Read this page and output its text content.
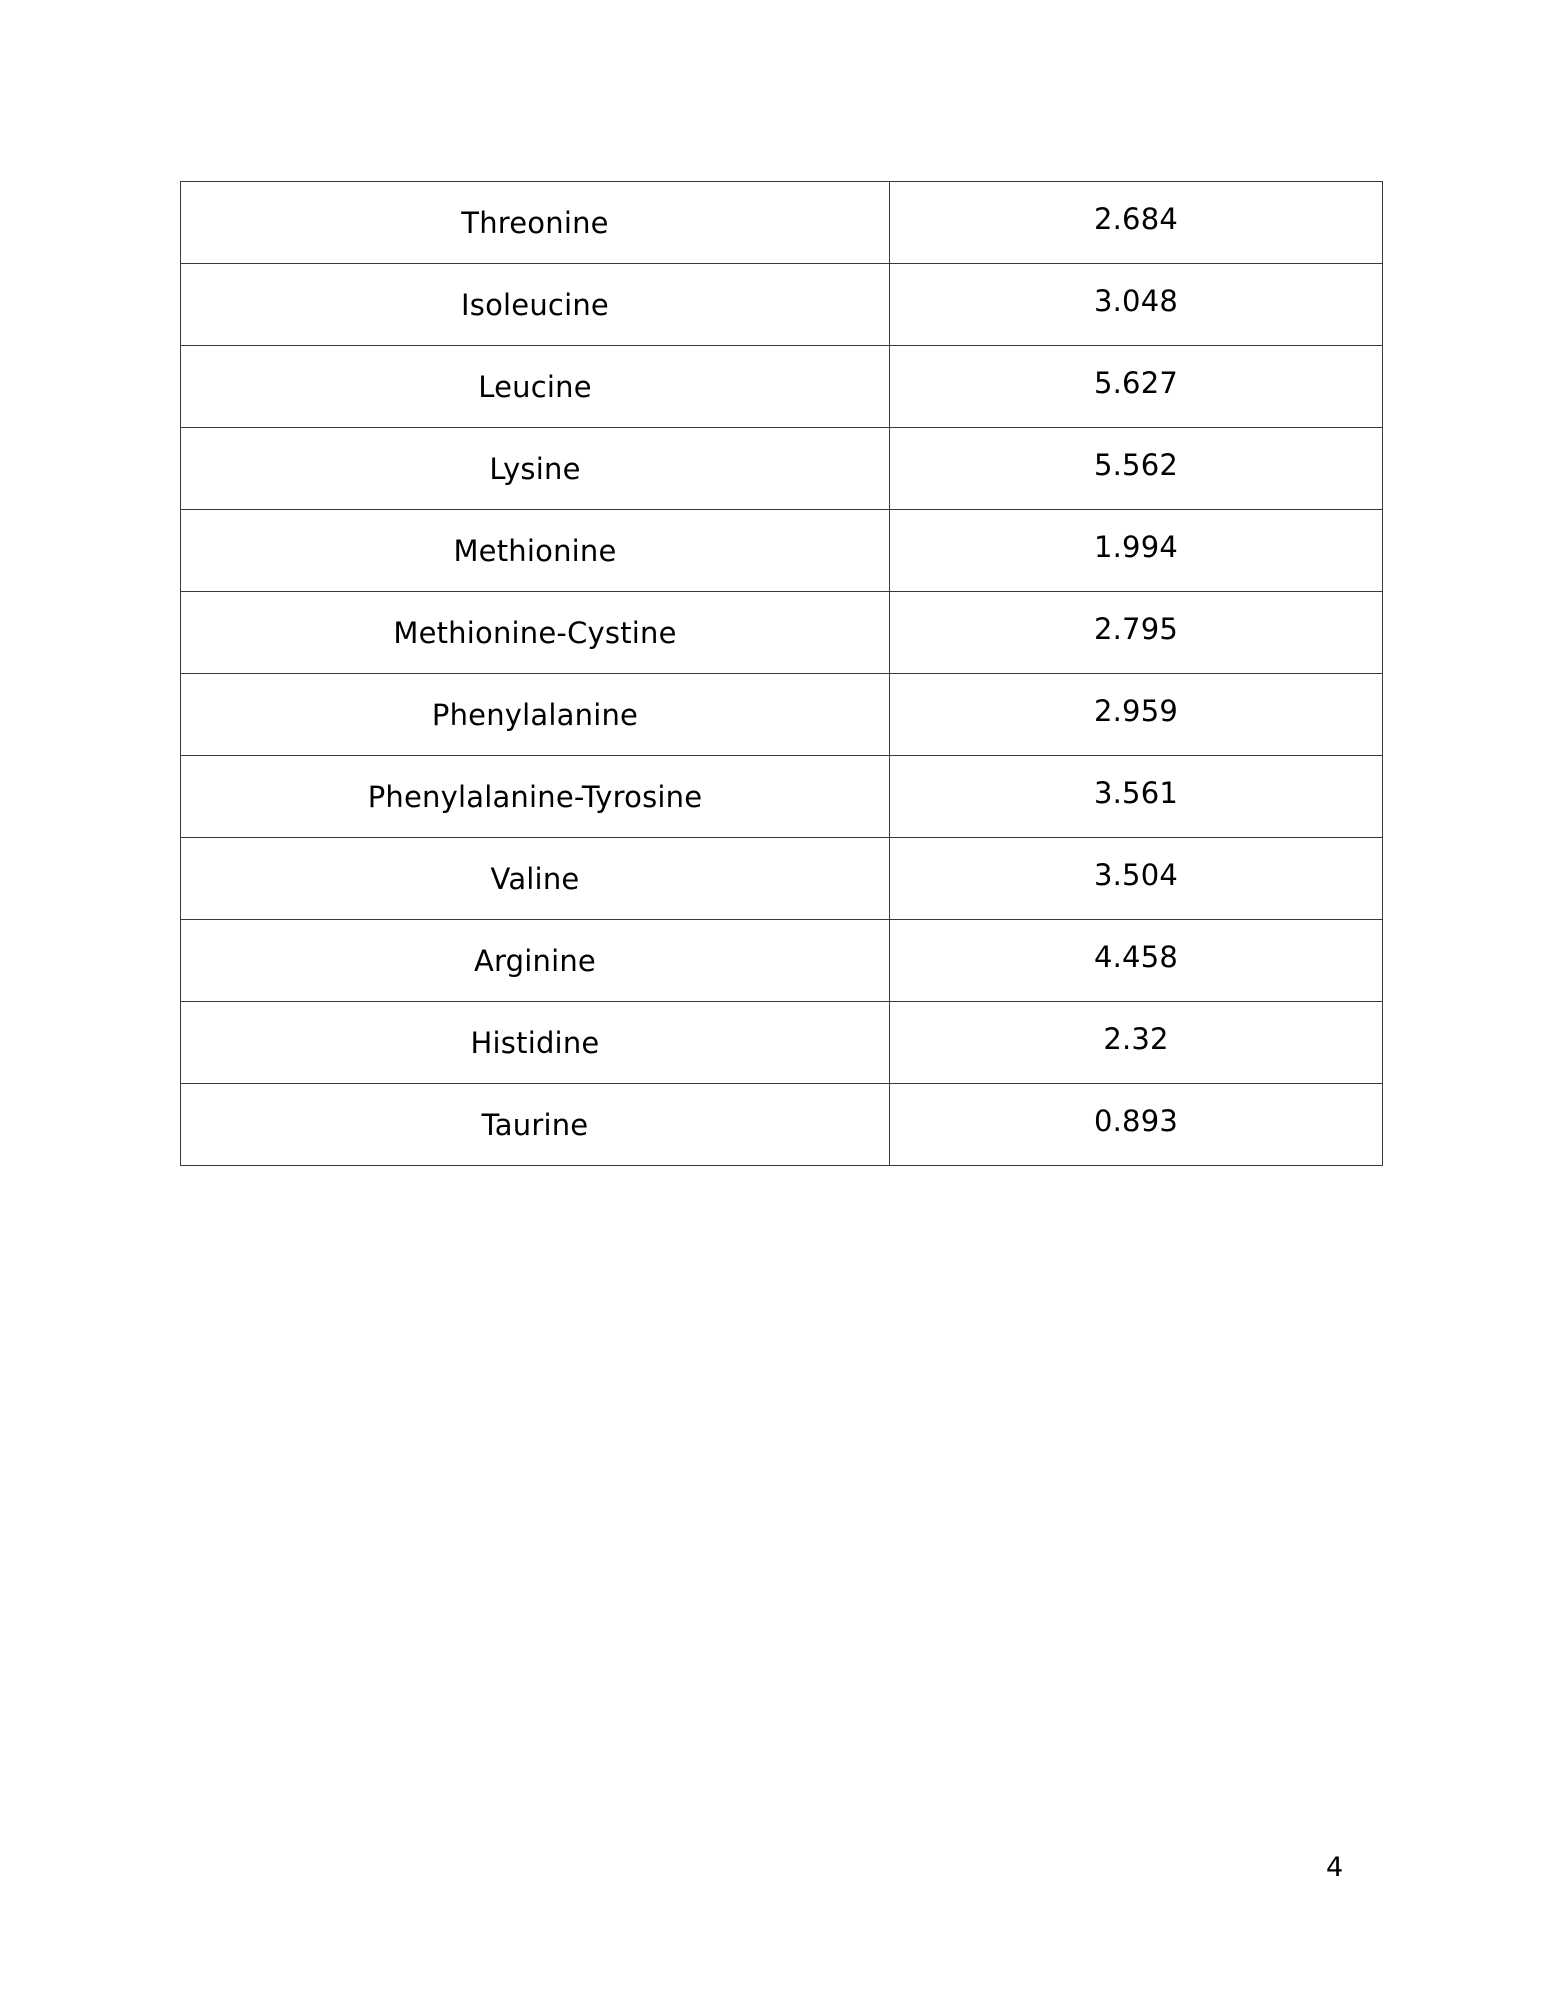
Threonine	2.684
Isoleucine	3.048
Leucine	5.627
Lysine	5.562
Methionine	1.994
Methionine-Cystine	2.795
Phenylalanine	2.959
Phenylalanine-Tyrosine	3.561
Valine	3.504
Arginine	4.458
Histidine	2.32
Taurine	0.893
4
